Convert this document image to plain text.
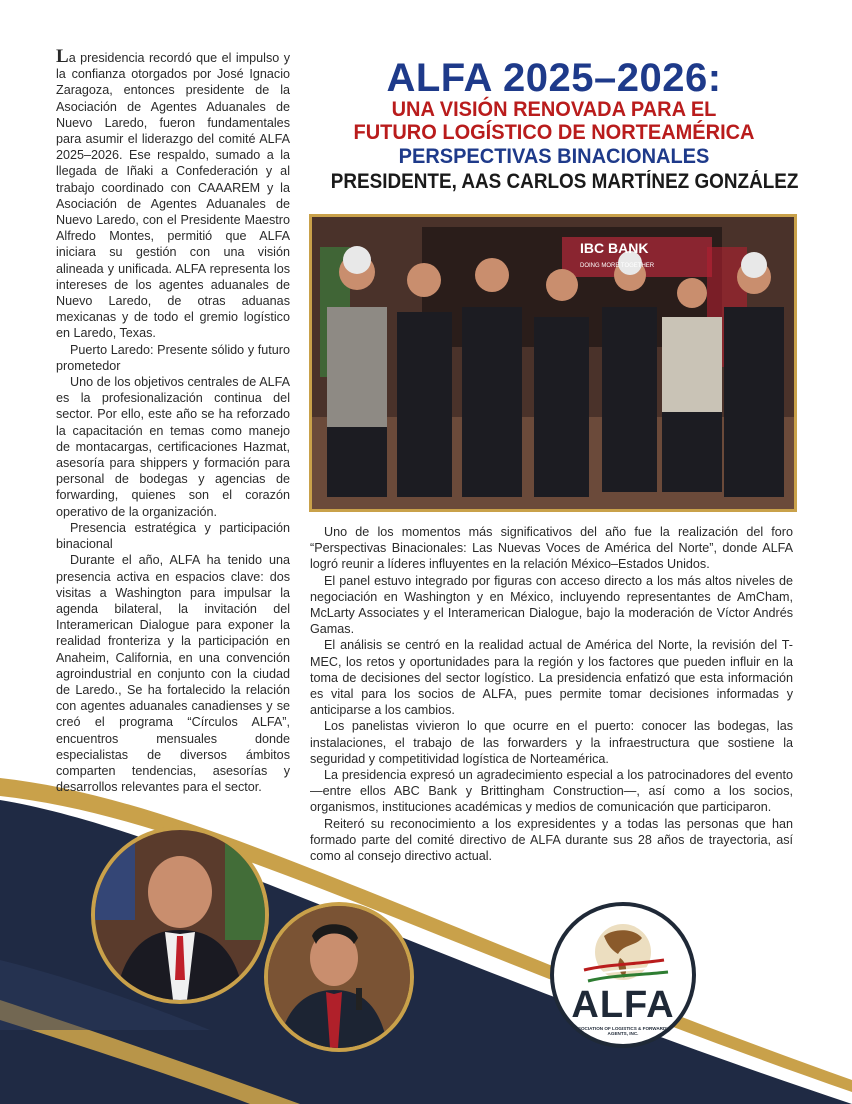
La presidencia recordó que el impulso y la confianza otorgados por José Ignacio Zaragoza, entonces presidente de la Asociación de Agentes Aduanales de Nuevo Laredo, fueron fundamentales para asumir el liderazgo del comité ALFA 2025–2026. Ese respaldo, sumado a la llegada de Iñaki a Confederación y al trabajo coordinado con CAAAREM y la Asociación de Agentes Aduanales de Nuevo Laredo, con el Presidente Maestro Alfredo Montes, permitió que ALFA iniciara su gestión con una visión alineada y unificada. ALFA representa los intereses de los agentes aduanales de Nuevo Laredo, de otras aduanas mexicanas y de todo el gremio logístico en Laredo, Texas.

Puerto Laredo: Presente sólido y futuro prometedor

Uno de los objetivos centrales de ALFA es la profesionalización continua del sector. Por ello, este año se ha reforzado la capacitación en temas como manejo de montacargas, certificaciones Hazmat, asesoría para shippers y formación para personal de bodegas y agencias de forwarding, quienes son el corazón operativo de la organización.

Presencia estratégica y participación binacional

Durante el año, ALFA ha tenido una presencia activa en espacios clave: dos visitas a Washington para impulsar la agenda bilateral, la invitación del Interamerican Dialogue para exponer la realidad fronteriza y la participación en Anaheim, California, en una convención agroindustrial en conjunto con la ciudad de Laredo., Se ha fortalecido la relación con agentes aduanales canadienses y se creó el programa “Círculos ALFA”, encuentros mensuales donde especialistas de diversos ámbitos comparten tendencias, asesorías y desarrollos relevantes para el sector.

ALFA 2025–2026:
UNA VISIÓN RENOVADA PARA EL
FUTURO LOGÍSTICO DE NORTEAMÉRICA
PERSPECTIVAS BINACIONALES
PRESIDENTE, AAS CARLOS MARTÍNEZ GONZÁLEZ
IBC BANK
DOING MORE TOGETHER

Uno de los momentos más significativos del año fue la realización del foro “Perspectivas Binacionales: Las Nuevas Voces de América del Norte”, donde ALFA logró reunir a líderes influyentes en la relación México–Estados Unidos.

El panel estuvo integrado por figuras con acceso directo a los más altos niveles de negociación en Washington y en México, incluyendo representantes de AmCham, McLarty Associates y el Interamerican Dialogue, bajo la moderación de Víctor Andrés Gamas.

El análisis se centró en la realidad actual de América del Norte, la revisión del T-MEC, los retos y oportunidades para la región y los factores que pueden influir en la toma de decisiones del sector logístico. La presidencia enfatizó que esta información es vital para los socios de ALFA, pues permite tomar decisiones informadas y anticiparse a los cambios.

Los panelistas vivieron lo que ocurre en el puerto: conocer las bodegas, las instalaciones, el trabajo de las forwarders y la infraestructura que sostiene la seguridad y competitividad logística de Norteamérica.

La presidencia expresó un agradecimiento especial a los patrocinadores del evento —entre ellos ABC Bank y Brittingham Construction—, así como a los socios, organismos, instituciones académicas y medios de comunicación que participaron.

Reiteró su reconocimiento a los expresidentes y a todas las personas que han formado parte del comité directivo de ALFA durante sus 28 años de trayectoria, así como al consejo directivo actual.

ALFA
ASSOCIATION OF LOGISTICS & FORWARDING AGENTS, INC.
